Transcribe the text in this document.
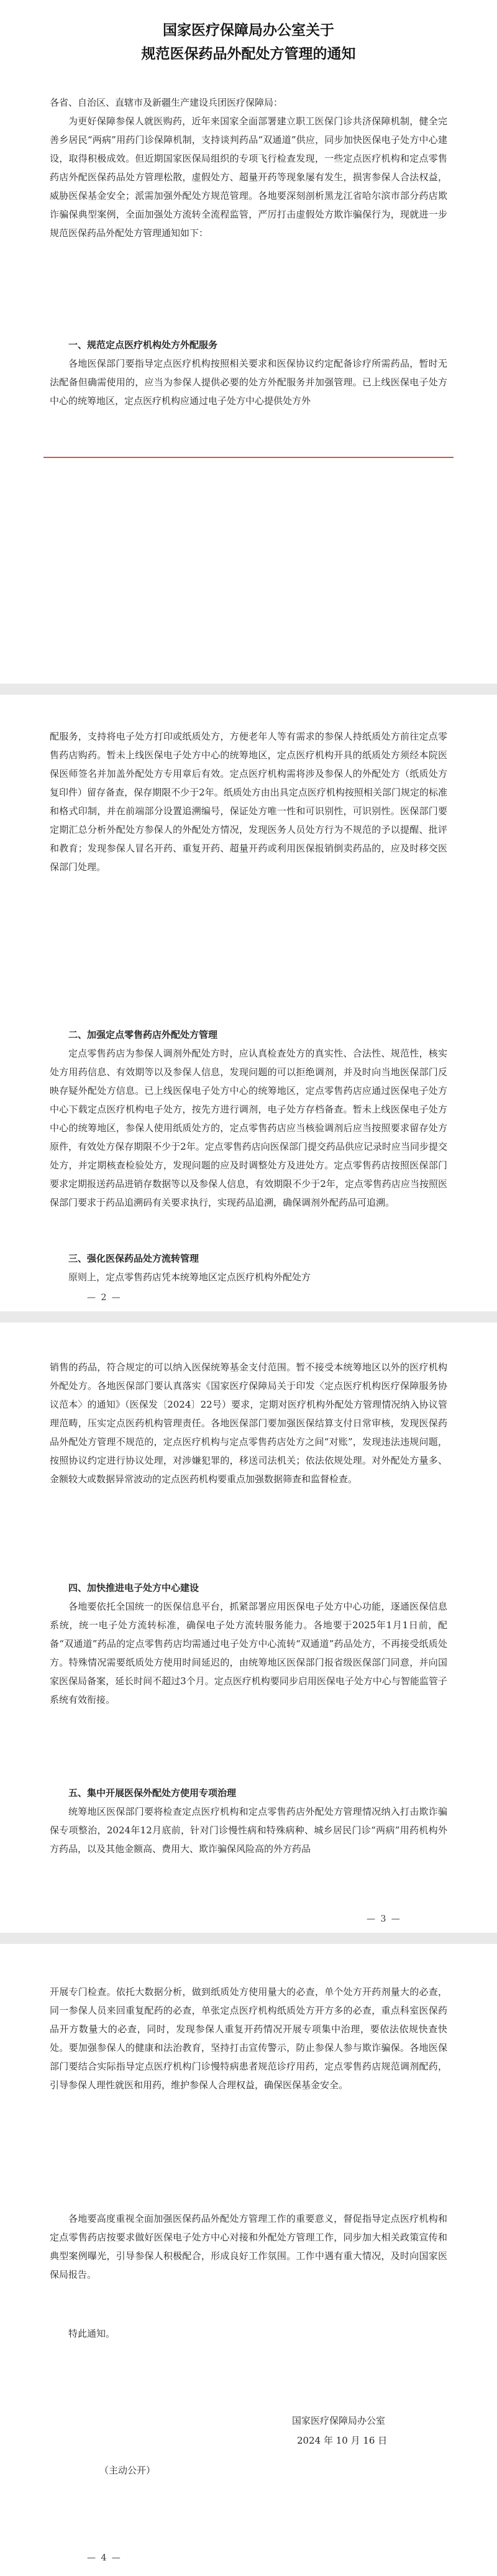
国家医疗保障局办公室关于
规范医保药品外配处方管理的通知

各省、自治区、直辖市及新疆生产建设兵团医疗保障局：

为更好保障参保人就医购药，近年来国家全面部署建立职工医保门诊共济保障机制，健全完善乡居民“两病”用药门诊保障机制，支持谈判药品“双通道”供应，同步加快医保电子处方中心建设，取得积极成效。但近期国家医保局组织的专项飞行检查发现，一些定点医疗机构和定点零售药店外配医保药品处方管理松散，虚假处方、超量开药等现象屡有发生，损害参保人合法权益，威胁医保基金安全；派需加强外配处方规范管理。各地要深刻剖析黑龙江省哈尔滨市部分药店欺诈骗保典型案例，全面加强处方流转全流程监管，严厉打击虚假处方欺诈骗保行为，现就进一步规范医保药品外配处方管理通知如下：

一、规范定点医疗机构处方外配服务

各地医保部门要指导定点医疗机构按照相关要求和医保协议约定配备诊疗所需药品，暂时无法配备但确需使用的，应当为参保人提供必要的处方外配服务并加强管理。已上线医保电子处方中心的统筹地区，定点医疗机构应通过电子处方中心提供处方外

配服务，支持将电子处方打印或纸质处方，方便老年人等有需求的参保人持纸质处方前往定点零售药店购药。暂未上线医保电子处方中心的统筹地区，定点医疗机构开具的纸质处方须经本院医保医师签名并加盖外配处方专用章后有效。定点医疗机构需将涉及参保人的外配处方（纸质处方复印件）留存备查，保存期限不少于2年。纸质处方由出具定点医疗机构按照相关部门规定的标准和格式印制，并在前端部分设置追溯编号，保证处方唯一性和可识别性，可识别性。医保部门要定期汇总分析外配处方参保人的外配处方情况，发现医务人员处方行为不规范的予以提醒、批评和教育；发现参保人冒名开药、重复开药、超量开药或利用医保报销倒卖药品的，应及时移交医保部门处理。

二、加强定点零售药店外配处方管理

定点零售药店为参保人调剂外配处方时，应认真检查处方的真实性、合法性、规范性，核实处方用药信息、有效期等以及参保人信息，发现问题的可以拒绝调剂，并及时向当地医保部门反映存疑外配处方信息。已上线医保电子处方中心的统筹地区，定点零售药店应通过医保电子处方中心下载定点医疗机构电子处方，按先方进行调剂，电子处方存档备查。暂未上线医保电子处方中心的统筹地区，参保人使用纸质处方的，定点零售药店应当核验调剂后应当按照要求留存处方原件，有效处方保存期限不少于2年。定点零售药店向医保部门提交药品供应记录时应当同步提交处方，并定期核查检验处方，发现问题的应及时调整处方及进处方。定点零售药店按照医保部门要求定期报送药品进销存数据等以及参保人信息，有效期限不少于2年，定点零售药店应当按照医保部门要求于药品追溯码有关要求执行，实现药品追溯，确保调剂外配药品可追溯。

三、强化医保药品处方流转管理

原则上，定点零售药店凭本统筹地区定点医疗机构外配处方

— 2 —

销售的药品，符合规定的可以纳入医保统筹基金支付范围。暂不接受本统筹地区以外的医疗机构外配处方。各地医保部门要认真落实《国家医疗保障局关于印发〈定点医疗机构医疗保障服务协议范本〉的通知》（医保发〔2024〕22号）要求，定期对医疗机构外配处方管理情况纳入协议管理范畴，压实定点医药机构管理责任。各地医保部门要加强医保结算支付日常审核，发现医保药品外配处方管理不规范的，定点医疗机构与定点零售药店处方之间“对账”，发现违法违规问题，按照协议约定进行协议处理，对涉嫌犯罪的，移送司法机关；依法依规处理。对外配处方量多、金额较大或数据异常波动的定点医药机构要重点加强数据筛查和监督检查。

四、加快推进电子处方中心建设

各地要依托全国统一的医保信息平台，抓紧部署应用医保电子处方中心功能，逐通医保信息系统，统一电子处方流转标准，确保电子处方流转服务能力。各地要于2025年1月1日前，配备“双通道”药品的定点零售药店均需通过电子处方中心流转“双通道”药品处方，不再接受纸质处方。特殊情况需要纸质处方使用时间延迟的，由统筹地区医保部门报省级医保部门同意，并向国家医保局备案，延长时间不超过3个月。定点医疗机构要同步启用医保电子处方中心与智能监管子系统有效衔接。

五、集中开展医保外配处方使用专项治理

统筹地区医保部门要将检查定点医疗机构和定点零售药店外配处方管理情况纳入打击欺诈骗保专项整治，2024年12月底前，针对门诊慢性病和特殊病种、城乡居民门诊“两病”用药机构外方药品，以及其他金额高、费用大、欺诈骗保风险高的外方药品

— 3 —

开展专门检查。依托大数据分析，做到纸质处方使用量大的必查，单个处方开药剂量大的必查，同一参保人员来回重复配药的必查，单张定点医疗机构纸质处方开方多的必查，重点科室医保药品开方数量大的必查，同时，发现参保人重复开药情况开展专项集中治理，要依法依规快查快处。要加强参保人的健康和法治教育，坚持打击宣传警示，防止参保人参与欺诈骗保。各地医保部门要结合实际指导定点医疗机构门诊慢特病患者规范诊疗用药，定点零售药店规范调剂配药，引导参保人理性就医和用药，维护参保人合理权益，确保医保基金安全。

各地要高度重视全面加强医保药品外配处方管理工作的重要意义，督促指导定点医疗机构和定点零售药店按要求做好医保电子处方中心对接和外配处方管理工作，同步加大相关政策宣传和典型案例曝光，引导参保人积极配合，形成良好工作氛围。工作中遇有重大情况，及时向国家医保局报告。

特此通知。

国家医疗保障局办公室
2024 年 10 月 16 日
（主动公开）
— 4 —
